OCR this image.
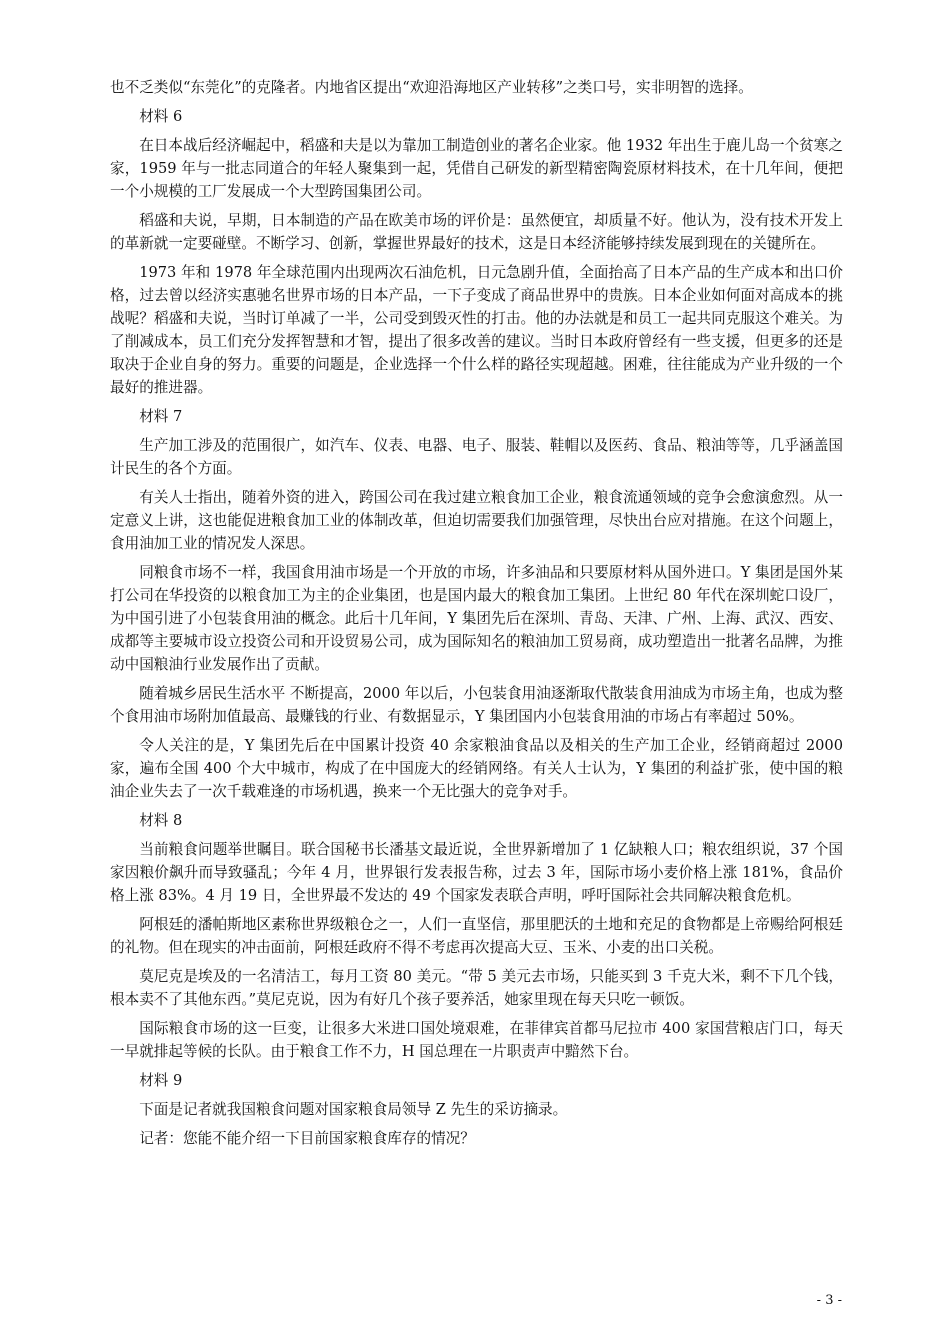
也不乏类似“东莞化”的克隆者。内地省区提出“欢迎沿海地区产业转移”之类口号，实非明智的选择。

材料 6

在日本战后经济崛起中，稻盛和夫是以为靠加工制造创业的著名企业家。他 1932 年出生于鹿儿岛一个贫寒之家，1959 年与一批志同道合的年轻人聚集到一起，凭借自己研发的新型精密陶瓷原材料技术，在十几年间，便把一个小规模的工厂发展成一个大型跨国集团公司。

稻盛和夫说，早期，日本制造的产品在欧美市场的评价是：虽然便宜，却质量不好。他认为，没有技术开发上的革新就一定要碰壁。不断学习、创新，掌握世界最好的技术，这是日本经济能够持续发展到现在的关键所在。

1973 年和 1978 年全球范围内出现两次石油危机，日元急剧升值，全面抬高了日本产品的生产成本和出口价格，过去曾以经济实惠驰名世界市场的日本产品，一下子变成了商品世界中的贵族。日本企业如何面对高成本的挑战呢？稻盛和夫说，当时订单减了一半，公司受到毁灭性的打击。他的办法就是和员工一起共同克服这个难关。为了削减成本，员工们充分发挥智慧和才智，提出了很多改善的建议。当时日本政府曾经有一些支援，但更多的还是取决于企业自身的努力。重要的问题是，企业选择一个什么样的路径实现超越。困难，往往能成为产业升级的一个最好的推进器。

材料 7

生产加工涉及的范围很广，如汽车、仪表、电器、电子、服装、鞋帽以及医药、食品、粮油等等，几乎涵盖国计民生的各个方面。

有关人士指出，随着外资的进入，跨国公司在我过建立粮食加工企业，粮食流通领域的竞争会愈演愈烈。从一定意义上讲，这也能促进粮食加工业的体制改革，但迫切需要我们加强管理，尽快出台应对措施。在这个问题上，食用油加工业的情况发人深思。

同粮食市场不一样，我国食用油市场是一个开放的市场，许多油品和只要原材料从国外进口。Y 集团是国外某打公司在华投资的以粮食加工为主的企业集团，也是国内最大的粮食加工集团。上世纪 80 年代在深圳蛇口设厂，为中国引进了小包装食用油的概念。此后十几年间，Y 集团先后在深圳、青岛、天津、广州、上海、武汉、西安、成都等主要城市设立投资公司和开设贸易公司，成为国际知名的粮油加工贸易商，成功塑造出一批著名品牌，为推动中国粮油行业发展作出了贡献。

随着城乡居民生活水平 不断提高，2000 年以后，小包装食用油逐渐取代散装食用油成为市场主角，也成为整个食用油市场附加值最高、最赚钱的行业、有数据显示，Y 集团国内小包装食用油的市场占有率超过 50%。

令人关注的是，Y 集团先后在中国累计投资 40 余家粮油食品以及相关的生产加工企业，经销商超过 2000 家，遍布全国 400 个大中城市，构成了在中国庞大的经销网络。有关人士认为，Y 集团的利益扩张，使中国的粮油企业失去了一次千载难逢的市场机遇，换来一个无比强大的竞争对手。

材料 8

当前粮食问题举世瞩目。联合国秘书长潘基文最近说，全世界新增加了 1 亿缺粮人口；粮农组织说，37 个国家因粮价飙升而导致骚乱；今年 4 月，世界银行发表报告称，过去 3 年，国际市场小麦价格上涨 181%，食品价格上涨 83%。4 月 19 日，全世界最不发达的 49 个国家发表联合声明，呼吁国际社会共同解决粮食危机。

阿根廷的潘帕斯地区素称世界级粮仓之一，人们一直坚信，那里肥沃的土地和充足的食物都是上帝赐给阿根廷的礼物。但在现实的冲击面前，阿根廷政府不得不考虑再次提高大豆、玉米、小麦的出口关税。

莫尼克是埃及的一名清洁工，每月工资 80 美元。“带 5 美元去市场，只能买到 3 千克大米，剩不下几个钱，根本卖不了其他东西。”莫尼克说，因为有好几个孩子要养活，她家里现在每天只吃一顿饭。

国际粮食市场的这一巨变，让很多大米进口国处境艰难，在菲律宾首都马尼拉市 400 家国营粮店门口，每天一早就排起等候的长队。由于粮食工作不力，H 国总理在一片职责声中黯然下台。

材料 9

下面是记者就我国粮食问题对国家粮食局领导 Z 先生的采访摘录。

记者：您能不能介绍一下目前国家粮食库存的情况？

- 3 -
